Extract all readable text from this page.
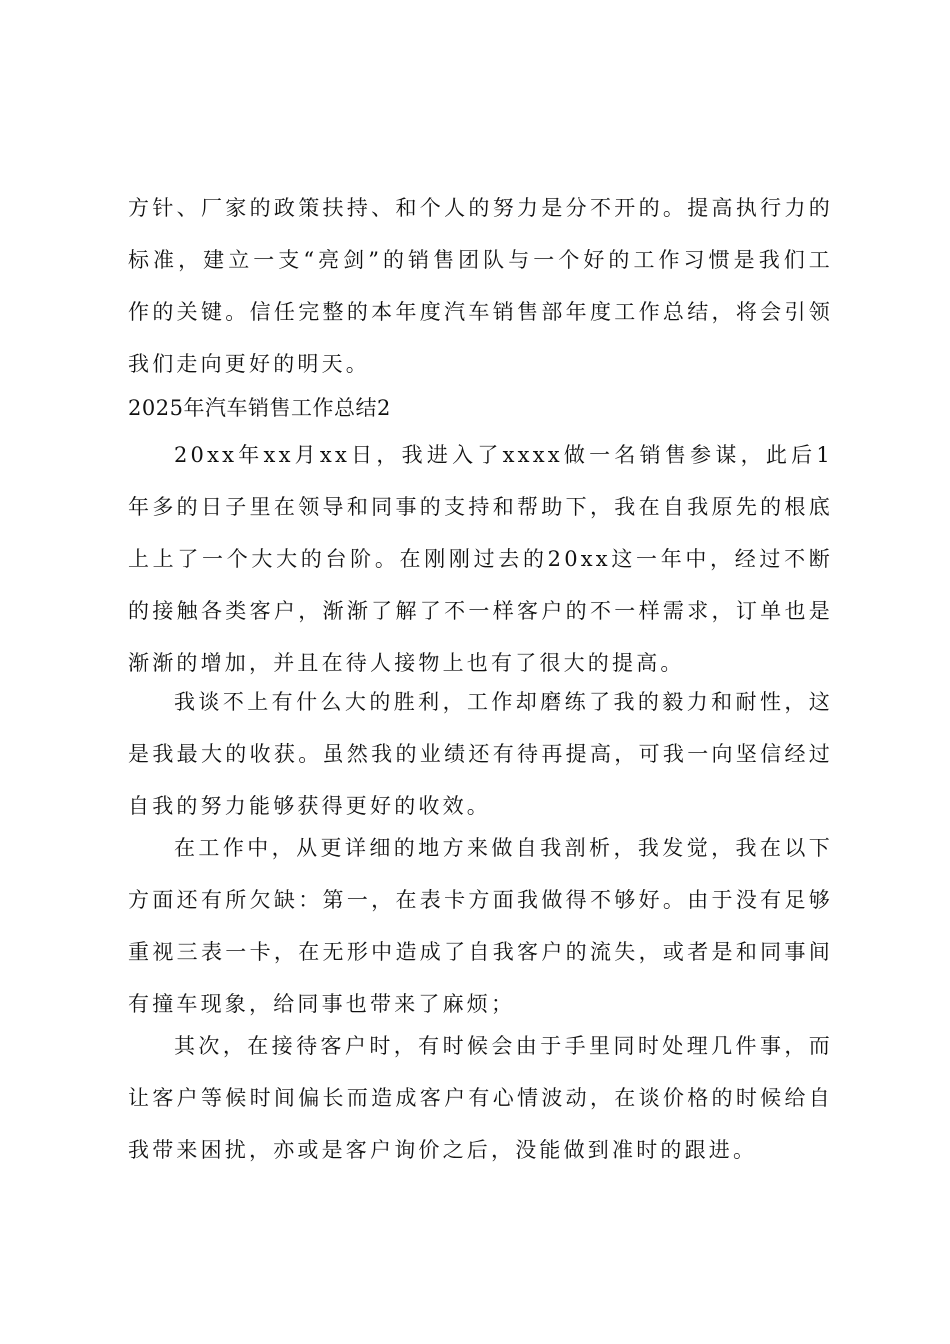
方针、厂家的政策扶持、和个人的努力是分不开的。提高执行力的标准，建立一支“亮剑”的销售团队与一个好的工作习惯是我们工作的关键。信任完整的本年度汽车销售部年度工作总结，将会引领我们走向更好的明天。

2025年汽车销售工作总结2

20xx年xx月xx日，我进入了xxxx做一名销售参谋，此后1年多的日子里在领导和同事的支持和帮助下，我在自我原先的根底上上了一个大大的台阶。在刚刚过去的20xx这一年中，经过不断的接触各类客户，渐渐了解了不一样客户的不一样需求，订单也是渐渐的增加，并且在待人接物上也有了很大的提高。

我谈不上有什么大的胜利，工作却磨练了我的毅力和耐性，这是我最大的收获。虽然我的业绩还有待再提高，可我一向坚信经过自我的努力能够获得更好的收效。

在工作中，从更详细的地方来做自我剖析，我发觉，我在以下方面还有所欠缺：第一，在表卡方面我做得不够好。由于没有足够重视三表一卡，在无形中造成了自我客户的流失，或者是和同事间有撞车现象，给同事也带来了麻烦；

其次，在接待客户时，有时候会由于手里同时处理几件事，而让客户等候时间偏长而造成客户有心情波动，在谈价格的时候给自我带来困扰，亦或是客户询价之后，没能做到准时的跟进。
